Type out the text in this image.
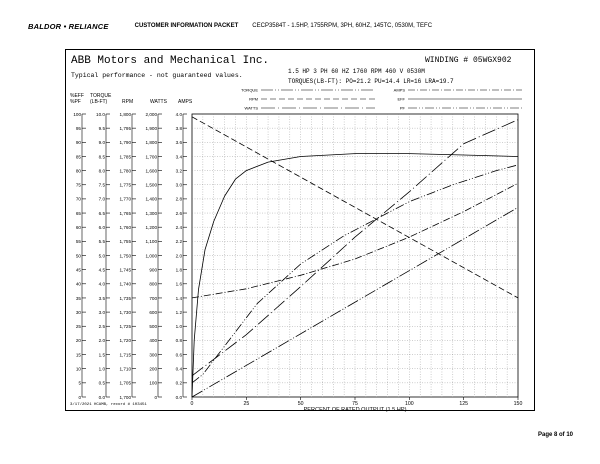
BALDOR • RELIANCE	CUSTOMER INFORMATION PACKET CECP3584T - 1.5HP, 1755RPM, 3PH, 60HZ, 145TC, 0530M, TEFC
ABB Motors and Mechanical Inc.
Typical performance - not guaranteed values.
WINDING # 05WGX902
1.5 HP 3 PH 60 HZ 1760 RPM 460 V 0530M
TORQUES(LB-FT): PO=21.2 PU=14.4 LR=16 LRA=19.7
TORQUE
RPM
WATTS
AMPS
EFF
PF
%EFF
%PF
TORQUE
(LB-FT)	RPM	WATTS AMPS
100
95
90
85
80
75
70
65
60
55
50
45
40
35
30
25
20
15
10
5
0
10.0
9.5
9.0
8.5
8.0
7.5
7.0
6.5
6.0
5.5
5.0
4.5
4.0
3.5
3.0
2.5
2.0
1.5
1.0
0.5
0.0
1,800
1,795
1,790
1,785
1,780
1,775
1,770
1,765
1,760
1,755
1,750
1,745
1,740
1,735
1,730
1,725
1,720
1,715
1,710
1,705
1,700
2,000
1,900
1,800
1,700
1,600
1,500
1,400
1,300
1,200
1,100
1,000
900
800
700
600
500
400
300
200
100
0
4.0
3.8
3.6
3.4
3.2
3.0
2.8
2.6
2.4
2.2
2.0
1.8
1.6
1.4
1.2
1.0
0.8
0.6
0.4
0.2
0.0
0	25	50	75	100	125	150
PERCENT OF RATED OUTPUT (1.5 HP)
3/17/2021 HCAMB, record # 103451
Page 8 of 10
